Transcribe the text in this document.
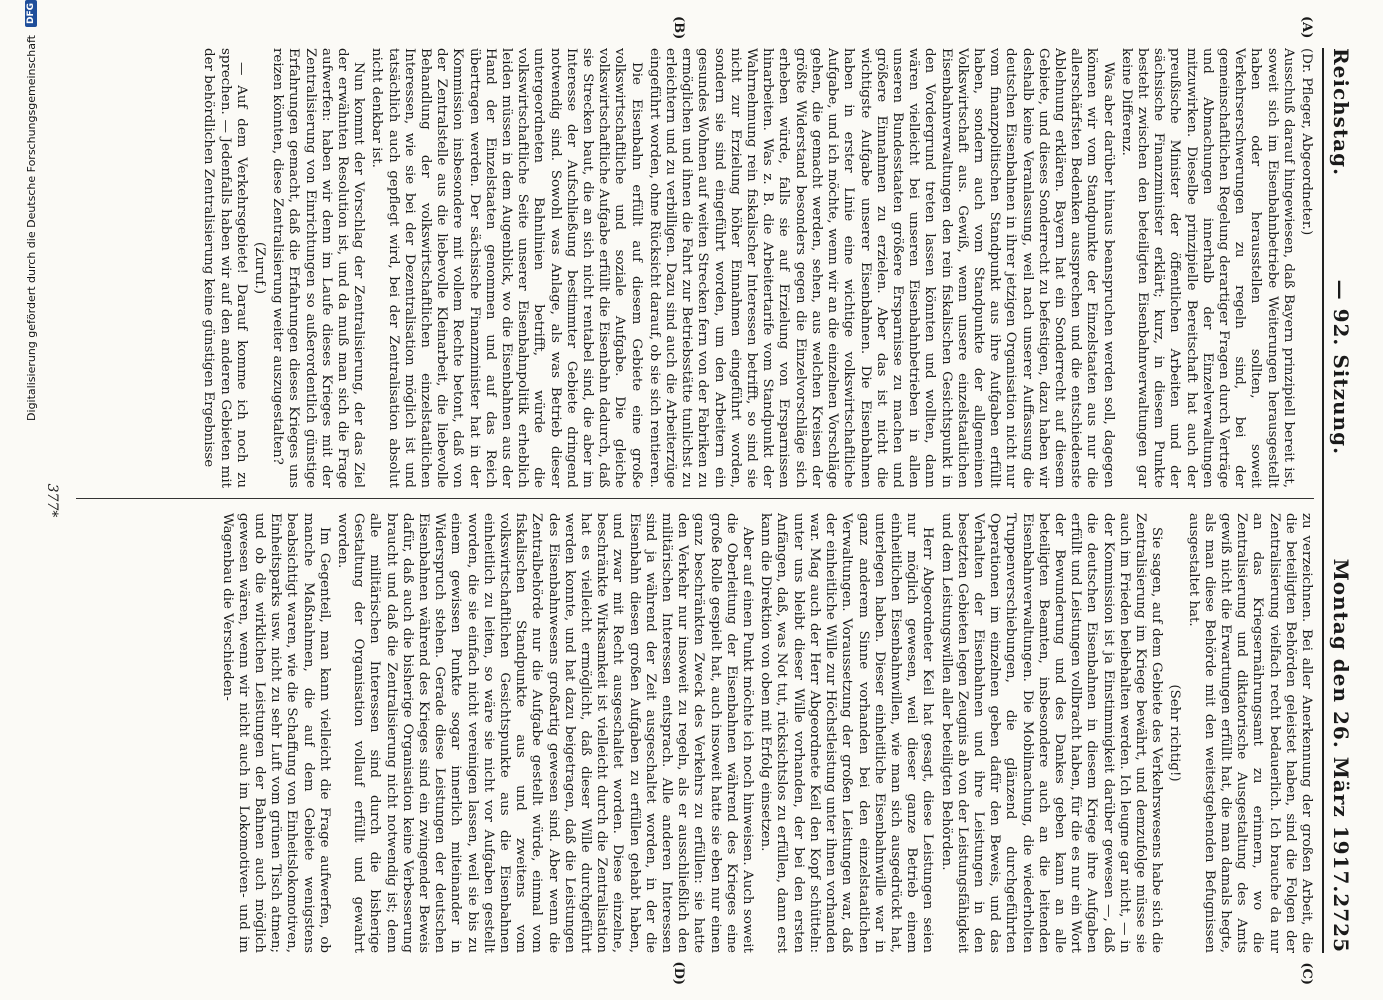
Reichstag.
— 92. Sitzung.
Montag den 26. März 1917.
2725
(A)
(B)
(C)
(D)

(Dr. Pfleger, Abgeordneter.)

Ausschuß darauf hingewiesen, daß Bayern prinzipiell bereit ist, soweit sich im Eisenbahnbetriebe Weiterungen herausgestellt haben oder herausstellen sollten, soweit Verkehrserschwerungen zu regeln sind, bei der gemeinschaftlichen Regelung derartiger Fragen durch Verträge und Abmachungen innerhalb der Einzelverwaltungen mitzuwirken. Dieselbe prinzipielle Bereitschaft hat auch der preußische Minister der öffentlichen Arbeiten und der sächsische Finanzminister erklärt; kurz, in diesem Punkte besteht zwischen den beteiligten Eisenbahnverwaltungen gar keine Differenz.

Was aber darüber hinaus beanspruchen werden soll, dagegen können wir vom Standpunkte der Einzelstaaten aus nur die allerschärfsten Bedenken aussprechen und die entschiedenste Ablehnung erklären. Bayern hat ein Sonderrecht auf diesem Gebiete, und dieses Sonderrecht zu befestigen, dazu haben wir deshalb keine Veranlassung, weil nach unserer Auffassung die deutschen Eisenbahnen in ihrer jetzigen Organisation nicht nur vom finanzpolitischen Standpunkt aus ihre Aufgaben erfüllt haben, sondern auch vom Standpunkte der allgemeinen Volkswirtschaft aus. Gewiß, wenn unsere einzelstaatlichen Eisenbahnverwaltungen den rein fiskalischen Gesichtspunkt in den Vordergrund treten lassen könnten und wollten, dann wären vielleicht bei unseren Eisenbahnbetrieben in allen unseren Bundesstaaten größere Ersparnisse zu machen und größere Einnahmen zu erzielen. Aber das ist nicht die wichtigste Aufgabe unserer Eisenbahnen. Die Eisenbahnen haben in erster Linie eine wichtige volkswirtschaftliche Aufgabe, und ich möchte, wenn wir an die einzelnen Vorschläge gehen, die gemacht werden, sehen, aus welchen Kreisen der größte Widerstand besonders gegen die Einzelvorschläge sich erheben würde, falls sie auf Erzielung von Ersparnissen hinarbeiten. Was z. B. die Arbeitertarife vom Standpunkt der Wahrnehmung rein fiskalischer Interessen betrifft, so sind sie nicht zur Erzielung höher Einnahmen eingeführt worden, sondern sie sind eingeführt worden, um den Arbeitern ein gesundes Wohnen auf weiten Strecken fern von der Fabriken zu ermöglichen und ihnen die Fahrt zur Betriebsstätte tunlichst zu erleichtern und zu verbilligen. Dazu sind auch die Arbeiterzüge eingeführt worden, ohne Rücksicht darauf, ob sie sich rentieren.

Die Eisenbahn erfüllt auf diesem Gebiete eine große volkswirtschaftliche und soziale Aufgabe. Die gleiche volkswirtschaftliche Aufgabe erfüllt die Eisenbahn dadurch, daß sie Strecken baut, die an sich nicht rentabel sind, die aber im Interesse der Aufschließung bestimmter Gebiete dringend notwendig sind. Sowohl was Anlage, als was Betrieb dieser untergeordneten Bahnlinien betrifft, würde die volkswirtschaftliche Seite unserer Eisenbahnpolitik erheblich leiden müssen in dem Augenblick, wo die Eisenbahnen aus der Hand der Einzelstaaten genommen und auf das Reich übertragen werden. Der sächsische Finanzminister hat in der Kommission insbesondere mit vollem Rechte betont, daß von der Zentralstelle aus die liebevolle Kleinarbeit, die liebevolle Behandlung der volkswirtschaftlichen einzelstaatlichen Interessen, wie sie bei der Dezentralisation möglich ist und tatsächlich auch gepflegt wird, bei der Zentralisation absolut nicht denkbar ist.

Nun kommt der Vorschlag der Zentralisierung, der das Ziel der erwähnten Resolution ist, und da muß man sich die Frage aufwerfen: haben wir denn im Laufe dieses Krieges mit der Zentralisierung von Einrichtungen so außerordentlich günstige Erfahrungen gemacht, daß die Erfahrungen dieses Krieges uns reizen könnten, diese Zentralisierung weiter auszugestalten?

(Zuruf.)

— Auf dem Verkehrsgebiete! Darauf komme ich noch zu sprechen. — Jedenfalls haben wir auf den anderen Gebieten mit der behördlichen Zentralisierung keine günstigen Ergebnisse

zu verzeichnen. Bei aller Anerkennung der großen Arbeit, die die beteiligten Behörden geleistet haben, sind die Folgen der Zentralisierung vielfach recht bedauerlich. Ich brauche da nur an das Kriegsernährungsamt zu erinnern, wo die Zentralisierung und diktatorische Ausgestaltung des Amts gewiß nicht die Erwartungen erfüllt hat, die man damals hegte, als man diese Behörde mit den weitestgehenden Befugnissen ausgestaltet hat.

(Sehr richtig!)

Sie sagen, auf dem Gebiete des Verkehrswesens habe sich die Zentralisierung im Kriege bewährt, und demzufolge müsse sie auch im Frieden beibehalten werden. Ich leugne gar nicht, — in der Kommission ist ja Einstimmigkeit darüber gewesen —, daß die deutschen Eisenbahnen in diesem Kriege ihre Aufgaben erfüllt und Leistungen vollbracht haben, für die es nur ein Wort der Bewunderung und des Dankes geben kann an alle beteiligten Beamten, insbesondere auch an die leitenden Eisenbahnverwaltungen. Die Mobilmachung, die wiederholten Truppenverschiebungen, die glänzend durchgeführten Operationen im einzelnen geben dafür den Beweis, und das Verhalten der Eisenbahnen und ihre Leistungen in den besetzten Gebieten legen Zeugnis ab von der Leistungsfähigkeit und dem Leistungswillen aller beteiligten Behörden.

Herr Abgeordneter Keil hat gesagt, diese Leistungen seien nur möglich gewesen, weil dieser ganze Betrieb einem einheitlichen Eisenbahnwillen, wie man sich ausgedrückt hat, unterlegen haben. Dieser einheitliche Eisenbahnwille war in ganz anderem Sinne vorhanden bei den einzelstaatlichen Verwaltungen. Voraussetzung der großen Leistungen war, daß der einheitliche Wille zur Höchstleistung unter ihnen vorhanden war. Mag auch der Herr Abgeordnete Keil den Kopf schütteln: unter uns bleibt dieser Wille vorhanden, der bei den ersten Anfängen, daß, was Not tut, rücksichtslos zu erfüllen, dann erst kann die Direktion von oben mit Erfolg einsetzen.

Aber auf einen Punkt möchte ich noch hinweisen. Auch soweit die Oberleitung der Eisenbahnen während des Krieges eine große Rolle gespielt hat, auch insoweit hatte sie eben nur einen ganz beschränkten Zweck des Verkehrs zu erfüllen: sie hatte den Verkehr nur insoweit zu regeln, als er ausschließlich den militärischen Interessen entsprach. Alle anderen Interessen sind ja während der Zeit ausgeschaltet worden, in der die Eisenbahn diesen großen Aufgaben zu erfüllen gehabt haben, und zwar mit Recht ausgeschaltet worden. Diese einzelne, beschränkte Wirksamkeit ist vielleicht durch die Zentralisation hat es vielleicht ermöglicht, daß dieser Wille durchgeführt werden konnte, und hat dazu beigetragen, daß die Leistungen des Eisenbahnwesens großartig gewesen sind. Aber wenn die Zentralbehörde nur die Aufgabe gestellt würde, einmal vom fiskalischen Standpunkte aus und zweitens vom volkswirtschaftlichen Gesichtspunkte aus die Eisenbahnen einheitlich zu leiten, so wäre sie nicht vor Aufgaben gestellt worden, die sie einfach nicht vereinigen lassen, weil sie bis zu einem gewissen Punkte sogar innerlich miteinander in Widerspruch stehen. Gerade diese Leistungen der deutschen Eisenbahnen während des Krieges sind ein zwingender Beweis dafür, daß auch die bisherige Organisation keine Verbesserung braucht und daß die Zentralisierung nicht notwendig ist; denn alle militärischen Interessen sind durch die bisherige Gestaltung der Organisation vollauf erfüllt und gewahrt worden.

Im Gegenteil, man kann vielleicht die Frage aufwerfen, ob manche Maßnahmen, die auf dem Gebiete wenigstens beabsichtigt waren, wie die Schaffung von Einheitslokomotiven, Einheitsparks usw. nicht zu sehr Luft vom grünen Tisch atmen; und ob die wirklichen Leistungen der Bahnen auch möglich gewesen wären, wenn wir nicht auch im Lokomotiven- und im Wagenbau die Verschieden-

377*
Digitalisierung gefördert durch die Deutsche Forschungsgemeinschaft
DFG
